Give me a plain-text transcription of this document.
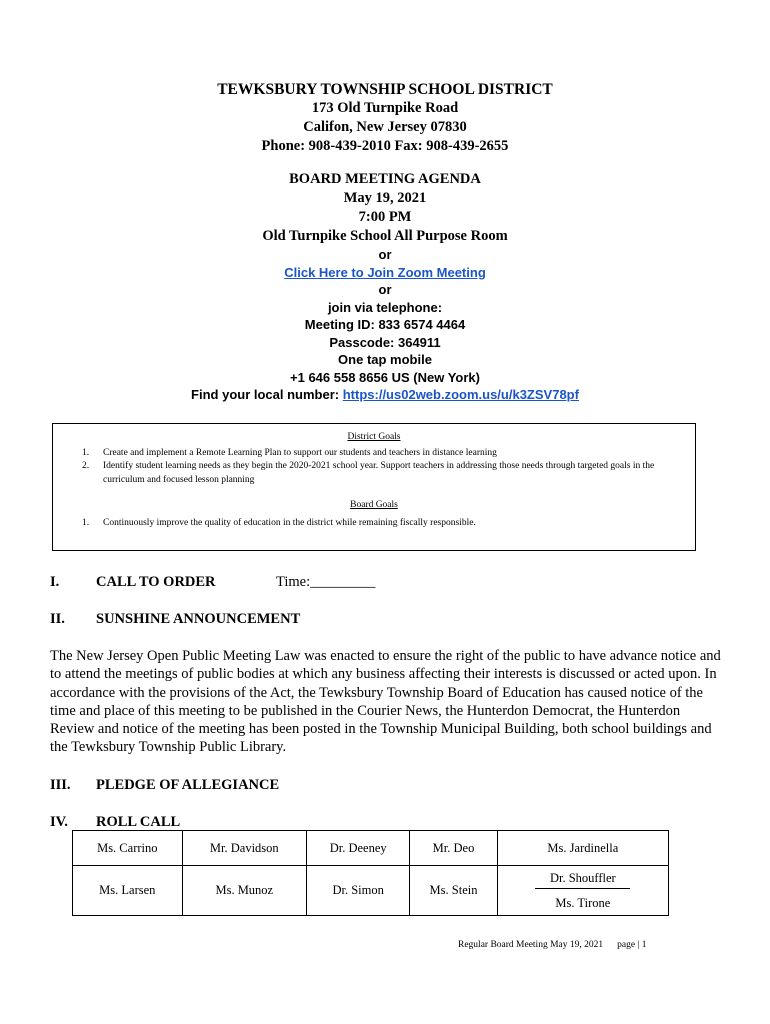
TEWKSBURY TOWNSHIP SCHOOL DISTRICT
173 Old Turnpike Road
Califon, New Jersey 07830
Phone: 908-439-2010 Fax: 908-439-2655
BOARD MEETING AGENDA
May 19, 2021
7:00 PM
Old Turnpike School All Purpose Room
or
Click Here to Join Zoom Meeting
or
join via telephone:
Meeting ID: 833 6574 4464
Passcode: 364911
One tap mobile
+1 646 558 8656 US (New York)
Find your local number: https://us02web.zoom.us/u/k3ZSV78pf
District Goals
1. Create and implement a Remote Learning Plan to support our students and teachers in distance learning
2. Identify student learning needs as they begin the 2020-2021 school year. Support teachers in addressing those needs through targeted goals in the curriculum and focused lesson planning
Board Goals
1. Continuously improve the quality of education in the district while remaining fiscally responsible.
I.	CALL TO ORDER	Time:_________
II. SUNSHINE ANNOUNCEMENT

The New Jersey Open Public Meeting Law was enacted to ensure the right of the public to have advance notice and to attend the meetings of public bodies at which any business affecting their interests is discussed or acted upon. In accordance with the provisions of the Act, the Tewksbury Township Board of Education has caused notice of the time and place of this meeting to be published in the Courier News, the Hunterdon Democrat, the Hunterdon Review and notice of the meeting has been posted in the Township Municipal Building, both school buildings and the Tewksbury Township Public Library.

III. PLEDGE OF ALLEGIANCE
IV. ROLL CALL
Ms. Carrino	Mr. Davidson	Dr. Deeney	Mr. Deo	Ms. Jardinella
Ms. Larsen	Ms. Munoz	Dr. Simon	Ms. Stein	Dr. Shouffler
Ms. Tirone
Regular Board Meeting May 19, 2021 page | 1
